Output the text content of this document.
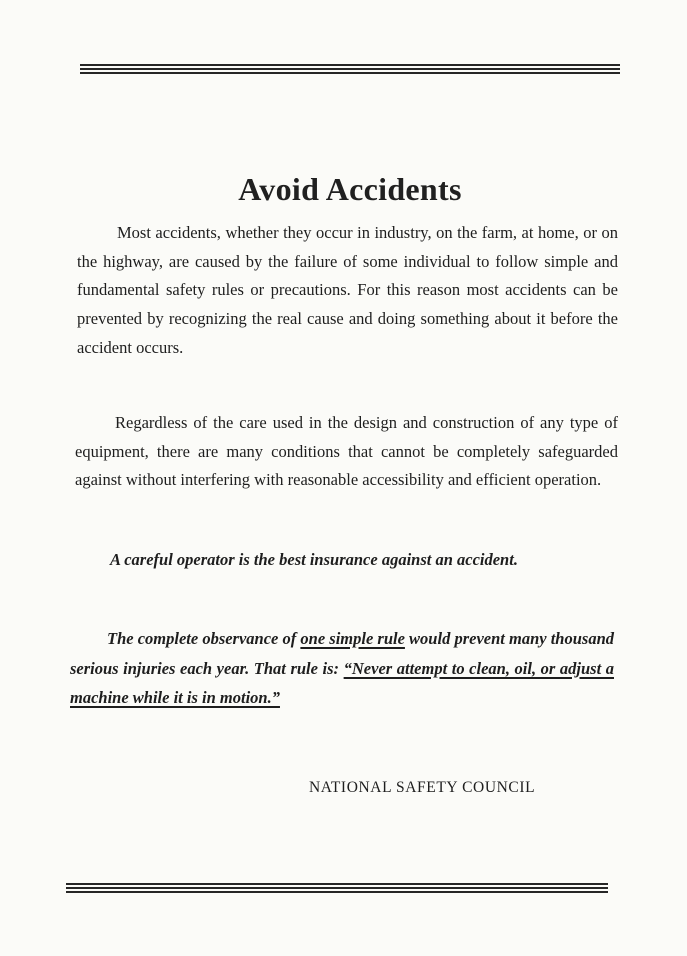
Avoid Accidents

Most accidents, whether they occur in industry, on the farm, at home, or on the highway, are caused by the failure of some individual to follow simple and fundamental safety rules or precautions. For this reason most accidents can be prevented by recognizing the real cause and doing something about it before the accident occurs.

Regardless of the care used in the design and construction of any type of equipment, there are many conditions that cannot be completely safeguarded against without interfering with reasonable accessibility and efficient operation.

A careful operator is the best insurance against an accident.

The complete observance of one simple rule would prevent many thousand serious injuries each year. That rule is: “Never attempt to clean, oil, or adjust a machine while it is in motion.”

NATIONAL SAFETY COUNCIL
